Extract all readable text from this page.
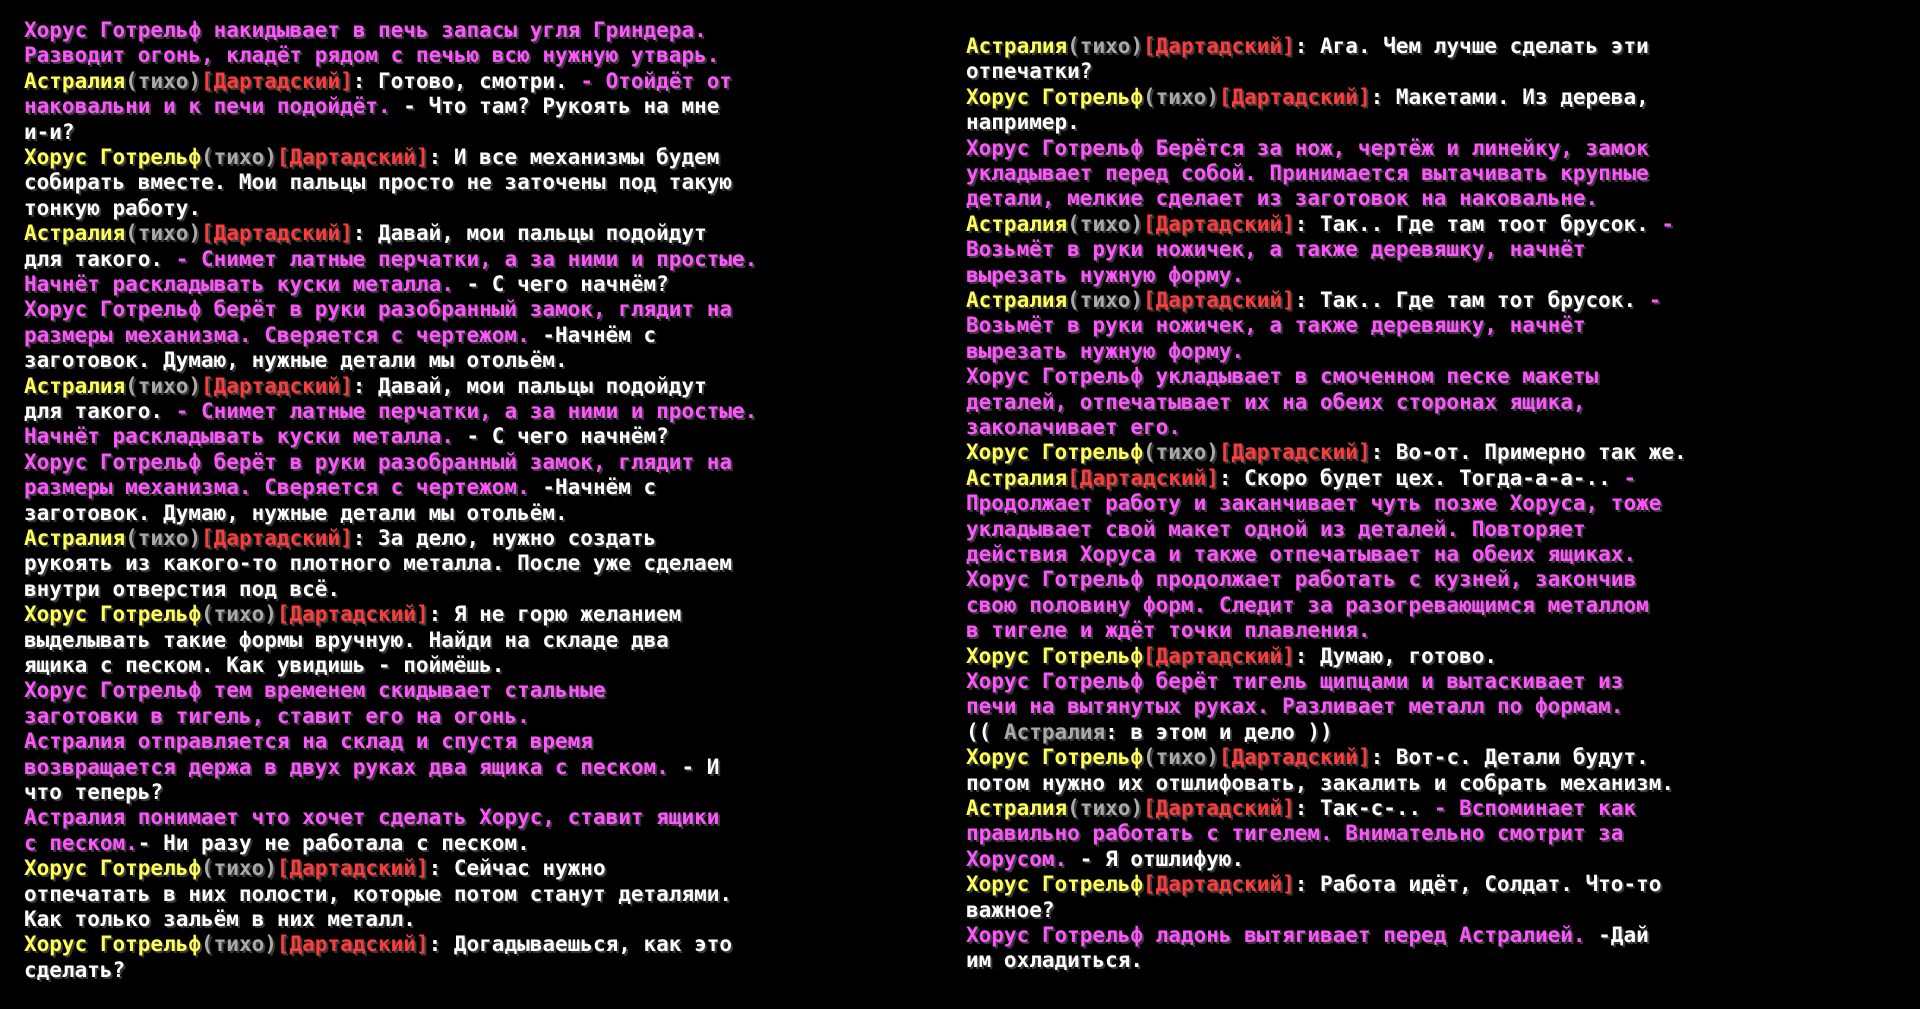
Хорус Готрельф накидывает в печь запасы угля Гриндера.
Разводит огонь, кладёт рядом с печью всю нужную утварь.
Астралия(тихо)[Дартадский]: Готово, смотри. - Отойдёт от
наковальни и к печи подойдёт. - Что там? Рукоять на мне
и-и?
Хорус Готрельф(тихо)[Дартадский]: И все механизмы будем
собирать вместе. Мои пальцы просто не заточены под такую
тонкую работу.
Астралия(тихо)[Дартадский]: Давай, мои пальцы подойдут
для такого. - Снимет латные перчатки, а за ними и простые.
Начнёт раскладывать куски металла. - С чего начнём?
Хорус Готрельф берёт в руки разобранный замок, глядит на
размеры механизма. Сверяется с чертежом. -Начнём с
заготовок. Думаю, нужные детали мы отольём.
Астралия(тихо)[Дартадский]: Давай, мои пальцы подойдут
для такого. - Снимет латные перчатки, а за ними и простые.
Начнёт раскладывать куски металла. - С чего начнём?
Хорус Готрельф берёт в руки разобранный замок, глядит на
размеры механизма. Сверяется с чертежом. -Начнём с
заготовок. Думаю, нужные детали мы отольём.
Астралия(тихо)[Дартадский]: За дело, нужно создать
рукоять из какого-то плотного металла. После уже сделаем
внутри отверстия под всё.
Хорус Готрельф(тихо)[Дартадский]: Я не горю желанием
выделывать такие формы вручную. Найди на складе два
ящика с песком. Как увидишь - поймёшь.
Хорус Готрельф тем временем скидывает стальные
заготовки в тигель, ставит его на огонь.
Астралия отправляется на склад и спустя время
возвращается держа в двух руках два ящика с песком. - И
что теперь?
Астралия понимает что хочет сделать Хорус, ставит ящики
с песком.- Ни разу не работала с песком.
Хорус Готрельф(тихо)[Дартадский]: Сейчас нужно
отпечатать в них полости, которые потом станут деталями.
Как только зальём в них металл.
Хорус Готрельф(тихо)[Дартадский]: Догадываешься, как это
сделать?
Астралия(тихо)[Дартадский]: Ага. Чем лучше сделать эти
отпечатки?
Хорус Готрельф(тихо)[Дартадский]: Макетами. Из дерева,
например.
Хорус Готрельф Берётся за нож, чертёж и линейку, замок
укладывает перед собой. Принимается вытачивать крупные
детали, мелкие сделает из заготовок на наковальне.
Астралия(тихо)[Дартадский]: Так.. Где там тоот брусок. -
Возьмёт в руки ножичек, а также деревяшку, начнёт
вырезать нужную форму.
Астралия(тихо)[Дартадский]: Так.. Где там тот брусок. -
Возьмёт в руки ножичек, а также деревяшку, начнёт
вырезать нужную форму.
Хорус Готрельф укладывает в смоченном песке макеты
деталей, отпечатывает их на обеих сторонах ящика,
заколачивает его.
Хорус Готрельф(тихо)[Дартадский]: Во-от. Примерно так же.
Астралия[Дартадский]: Скоро будет цех. Тогда-а-а-.. -
Продолжает работу и заканчивает чуть позже Хоруса, тоже
укладывает свой макет одной из деталей. Повторяет
действия Хоруса и также отпечатывает на обеих ящиках.
Хорус Готрельф продолжает работать с кузней, закончив
свою половину форм. Следит за разогревающимся металлом
в тигеле и ждёт точки плавления.
Хорус Готрельф[Дартадский]: Думаю, готово.
Хорус Готрельф берёт тигель щипцами и вытаскивает из
печи на вытянутых руках. Разливает металл по формам.
(( Астралия: в этом и дело ))
Хорус Готрельф(тихо)[Дартадский]: Вот-с. Детали будут.
потом нужно их отшлифовать, закалить и собрать механизм.
Астралия(тихо)[Дартадский]: Так-с-.. - Вспоминает как
правильно работать с тигелем. Внимательно смотрит за
Хорусом. - Я отшлифую.
Хорус Готрельф[Дартадский]: Работа идёт, Солдат. Что-то
важное?
Хорус Готрельф ладонь вытягивает перед Астралией. -Дай
им охладиться.
